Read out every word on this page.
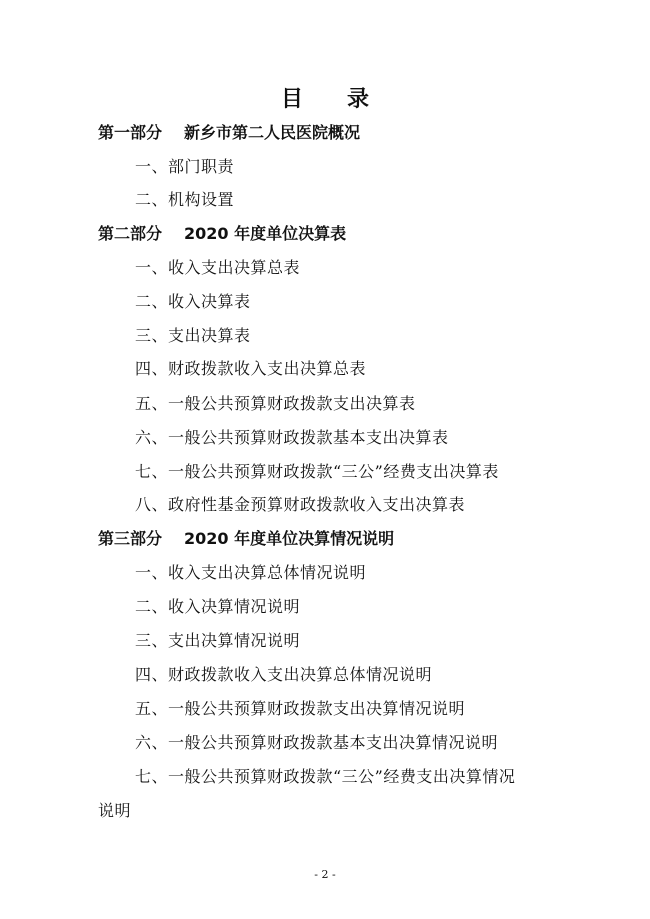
目 录
第一部分 新乡市第二人民医院概况
一、部门职责
二、机构设置
第二部分 2020 年度单位决算表
一、收入支出决算总表
二、收入决算表
三、支出决算表
四、财政拨款收入支出决算总表
五、一般公共预算财政拨款支出决算表
六、一般公共预算财政拨款基本支出决算表
七、一般公共预算财政拨款“三公”经费支出决算表
八、政府性基金预算财政拨款收入支出决算表
第三部分 2020 年度单位决算情况说明
一、收入支出决算总体情况说明
二、收入决算情况说明
三、支出决算情况说明
四、财政拨款收入支出决算总体情况说明
五、一般公共预算财政拨款支出决算情况说明
六、一般公共预算财政拨款基本支出决算情况说明
七、一般公共预算财政拨款“三公”经费支出决算情况
说明
- 2 -
